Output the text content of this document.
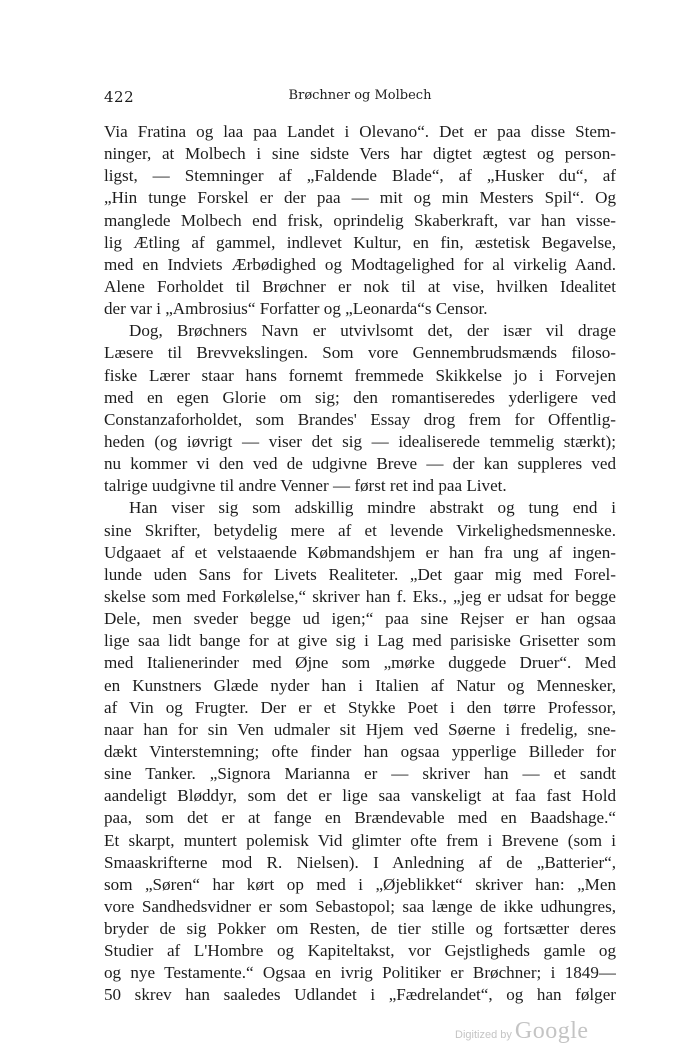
422	Brøchner og Molbech
Via Fratina og laa paa Landet i Olevano“. Det er paa disse Stem-
ninger, at Molbech i sine sidste Vers har digtet ægtest og person-
ligst, — Stemninger af „Faldende Blade“, af „Husker du“, af
„Hin tunge Forskel er der paa — mit og min Mesters Spil“. Og
manglede Molbech end frisk, oprindelig Skaberkraft, var han visse-
lig Ætling af gammel, indlevet Kultur, en fin, æstetisk Begavelse,
med en Indviets Ærbødighed og Modtagelighed for al virkelig Aand.
Alene Forholdet til Brøchner er nok til at vise, hvilken Idealitet
der var i „Ambrosius“ Forfatter og „Leonarda“s Censor.
Dog, Brøchners Navn er utvivlsomt det, der især vil drage
Læsere til Brevvekslingen. Som vore Gennembrudsmænds filoso-
fiske Lærer staar hans fornemt fremmede Skikkelse jo i Forvejen
med en egen Glorie om sig; den romantiseredes yderligere ved
Constanzaforholdet, som Brandes' Essay drog frem for Offentlig-
heden (og iøvrigt — viser det sig — idealiserede temmelig stærkt);
nu kommer vi den ved de udgivne Breve — der kan suppleres ved
talrige uudgivne til andre Venner — først ret ind paa Livet.
Han viser sig som adskillig mindre abstrakt og tung end i
sine Skrifter, betydelig mere af et levende Virkelighedsmenneske.
Udgaaet af et velstaaende Købmandshjem er han fra ung af ingen-
lunde uden Sans for Livets Realiteter. „Det gaar mig med Forel-
skelse som med Forkølelse,“ skriver han f. Eks., „jeg er udsat for begge
Dele, men sveder begge ud igen;“ paa sine Rejser er han ogsaa
lige saa lidt bange for at give sig i Lag med parisiske Grisetter som
med Italienerinder med Øjne som „mørke duggede Druer“. Med
en Kunstners Glæde nyder han i Italien af Natur og Mennesker,
af Vin og Frugter. Der er et Stykke Poet i den tørre Professor,
naar han for sin Ven udmaler sit Hjem ved Søerne i fredelig, sne-
dækt Vinterstemning; ofte finder han ogsaa ypperlige Billeder for
sine Tanker. „Signora Marianna er — skriver han — et sandt
aandeligt Bløddyr, som det er lige saa vanskeligt at faa fast Hold
paa, som det er at fange en Brændevable med en Baadshage.“
Et skarpt, muntert polemisk Vid glimter ofte frem i Brevene (som i
Smaaskrifterne mod R. Nielsen). I Anledning af de „Batterier“,
som „Søren“ har kørt op med i „Øjeblikket“ skriver han: „Men
vore Sandhedsvidner er som Sebastopol; saa længe de ikke udhungres,
bryder de sig Pokker om Resten, de tier stille og fortsætter deres
Studier af L'Hombre og Kapiteltakst, vor Gejstligheds gamle og
og nye Testamente.“ Ogsaa en ivrig Politiker er Brøchner; i 1849—
50 skrev han saaledes Udlandet i „Fædrelandet“, og han følger
Digitized by Google
